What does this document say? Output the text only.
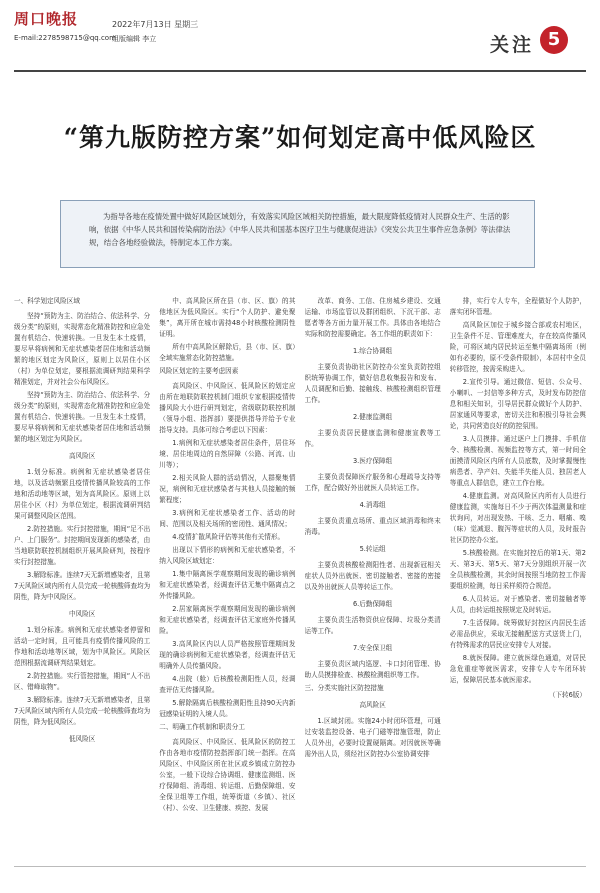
周口晚报	2022年7月13日 星期三
E-mail:2278598715@qq.com
组版编辑 李立	关注 5
“第九版防控方案”如何划定高中低风险区
为指导各地在疫情处置中做好风险区域划分，有效落实风险区域相关防控措施，最大限度降低疫情对人民群众生产、生活的影响，依据《中华人民共和国传染病防治法》《中华人民共和国基本医疗卫生与健康促进法》《突发公共卫生事件应急条例》等法律法规，结合各地经验做法，特制定本工作方案。

一、科学划定风险区域

坚持“预防为主、防治结合、依法科学、分级分类”的原则，实现常态化精准防控和应急处置有机结合、快速转换。一旦发生本土疫情，要尽早将病例和无症状感染者居住地和活动频繁的地区划定为风险区，原则上以居住小区（村）为单位划定，要根据流调研判结果科学精准划定，并对社会公布风险区。

坚持“预防为主、防治结合、依法科学、分级分类”的原则，实现常态化精准防控和应急处置有机结合、快速转换。一旦发生本土疫情，要尽早将病例和无症状感染者居住地和活动频繁的地区划定为风险区。

高风险区

1.划分标准。病例和无症状感染者居住地，以及活动频繁且疫情传播风险较高的工作地和活动地等区域，划为高风险区。原则上以居住小区（村）为单位划定，根据流调研判结果可调整风险区范围。

2.防控措施。实行封控措施，期间“足不出户、上门服务”。封控期间发现新的感染者，由当地联防联控机制组织开展风险研判，按程序实行封控措施。

3.解除标准。连续7天无新增感染者，且第7天风险区域内所有人员完成一轮核酸筛查均为阴性，降为中风险区。

中风险区

1.划分标准。病例和无症状感染者停留和活动一定时间，且可能具有疫情传播风险的工作地和活动地等区域，划为中风险区。风险区范围根据流调研判结果划定。

2.防控措施。实行管控措施，期间“人不出区、错峰取物”。

3.解除标准。连续7天无新增感染者，且第7天风险区域内所有人员完成一轮核酸筛查均为阴性，降为低风险区。

低风险区

中、高风险区所在县（市、区、旗）的其他地区为低风险区。实行“个人防护、避免聚集”，离开所在城市需持48小时核酸检测阴性证明。

所有中高风险区解除后，县（市、区、旗）全域实施常态化防控措施。

风险区划定的主要考虑因素

高风险区、中风险区、低风险区的划定应由所在地联防联控机制门组织专家根据疫情传播风险大小进行研判划定，省级联防联控机制（领导小组、指挥部）要提供指导并给予专业指导支持。具体可综合考虑以下因素：

1.病例和无症状感染者居住条件，居住环境、居住地周边的自然屏障（公路、河流、山川等）；

2.相关风险人群的活动情况，人群聚集情况，病例和无症状感染者与其他人员接触的频繁程度；

3.病例和无症状感染者工作、活动的时间、范围以及相关场所的密闭性、通风情况；

4.疫情扩散风险评估等其他有关情形。

出现以下情形的病例和无症状感染者，不纳入风险区域划定：

1.集中隔离医学观察期间发现的确诊病例和无症状感染者，经调查评估无集中隔离点之外传播风险。

2.居家隔离医学观察期间发现的确诊病例和无症状感染者，经调查评估无家庭外传播风险。

3.高风险区内以人员严格按照管理期间发现的确诊病例和无症状感染者，经调查评估无明确外人员传播风险。

4.出院（舱）后核酸检测阳性人员，经调查评估无传播风险。

5.解除隔离后核酸检测阳性且持90天内新冠感染证明的入境人员。

二、明确工作机制和职责分工

高风险区、中风险区、低风险区的防控工作由各地市疫情防控指挥部门统一指挥。在高风险区、中风险区所在社区或乡镇成立防控办公室，一般下设综合协调组、健康监测组、医疗保障组、消毒组、转运组、后勤保障组、安全保卫组等工作组，统筹街道（乡镇）、社区（村）、公安、卫生健康、疾控、发展

改革、商务、工信、住房城乡建设、交通运输、市场监管以及群团组织、下沉干部、志愿者等各方面力量开展工作。具体由各地结合实际和防控需要确定。各工作组的职责如下：

1.综合协调组

主要负责协助社区防控办公室负责防控组织统筹协调工作，做好信息收集报告和发布、人员调配和后勤、接触线、核酸检测组织管理工作。

2.健康监测组

主要负责居民健康监测和健康宣教等工作。

3.医疗保障组

主要负责保障医疗服务和心理疏导支持等工作，配合做好外出就医人员转运工作。

4.消毒组

主要负责重点场所、重点区域消毒和终末消毒。

5.转运组

主要负责核酸检测阳性者、出现新冠相关症状人员外出就医、密切接触者、密接的密接以及外出就医人员等转运工作。

6.后勤保障组

主要负责生活物资供应保障、垃圾分类清运等工作。

7.安全保卫组

主要负责区域内巡逻、卡口封闭管理、协助人员摸排检查、核酸检测组织等工作。

三、分类实施社区防控措施

高风险区

1.区域封闭。实施24小时闭环管理，可通过安装监控设备、电子门磁等措施管理，防止人员外出，必要时设置硬隔离。对因就医等确需外出人员，须经社区防控办公室协调安排

排，实行专人专车，全程做好个人防护，落实闭环管理。

高风险区加位于城乡接合部或农村地区，卫生条件不足、管理难度大，存在较高传播风险，可将区域内居民转运至集中隔离场所（例如有必要的，原不受条件限制），本居村中全员转移管控，按需采购进入。

2.宣传引导。通过微信、短信、公众号、小喇叭、一封信等多种方式，及时发布防控信息和相关知识，引导居民群众做好个人防护、居家通风等要求，密切关注和积极引导社会舆论，共同营造良好的防控氛围。

3.人员摸排。通过逐户上门摸排、手机信令、核酸检测、视频监控等方式，第一时间全面摸清风险区内所有人员底数，及时掌握慢性病患者、孕产妇、失能半失能人员、独居老人等重点人群信息，建立工作台账。

4.健康监测。对高风险区内所有人员进行健康监测，实施每日不少于两次体温测量和症状询问，对出现发热、干咳、乏力、咽痛、嗅（味）觉减退、腹泻等症状的人员，及时报告社区防控办公室。

5.核酸检测。在实施封控后的第1天、第2天、第3天、第5天、第7天分别组织开展一次全员核酸检测，其余时间按照当地防控工作需要组织检测，每日采样须符合规范。

6.人员转运。对于感染者、密切接触者等人员，由转运组按照规定及时转运。

7.生活保障。统筹做好封控区内居民生活必需品供应，采取无接触配送方式送货上门，有特殊需求的居民应安排专人对接。

8.就医保障。建立就医绿色通道，对居民急危重症等就医需求，安排专人专车闭环转运，保障居民基本就医需求。

（下转6版）
